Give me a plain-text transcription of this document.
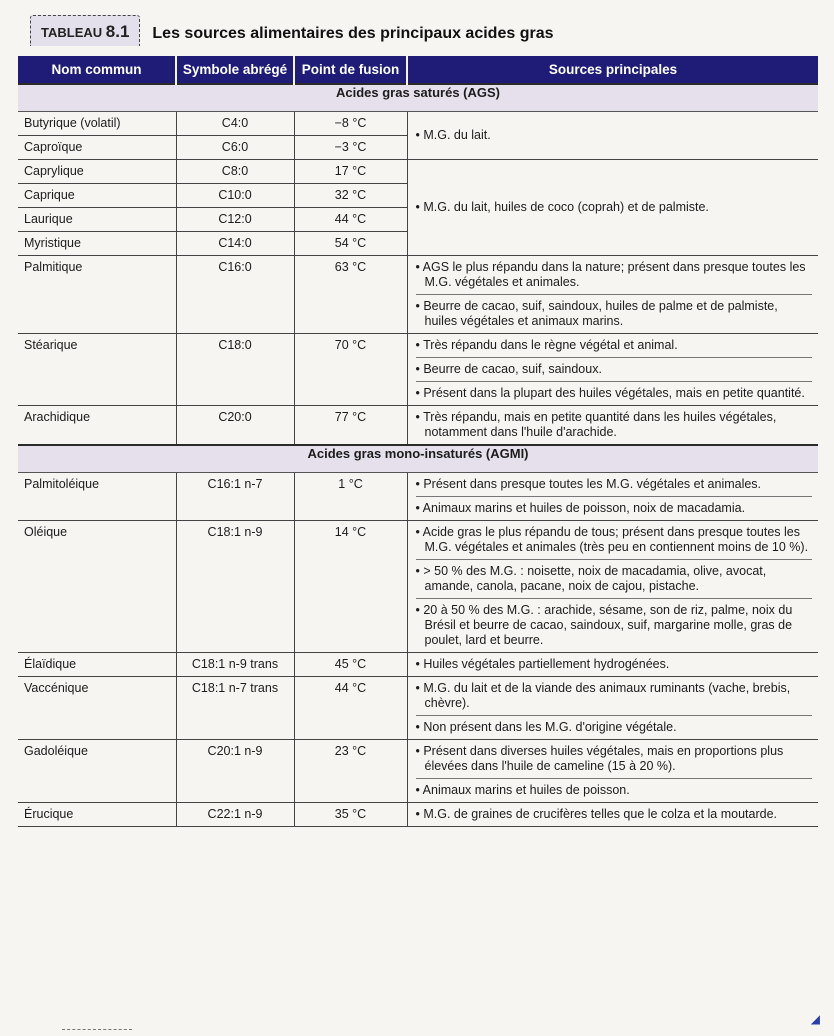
TABLEAU 8.1	Les sources alimentaires des principaux acides gras
Nom commun	Symbole abrégé	Point de fusion	Sources principales
Acides gras saturés (AGS)			
Butyrique (volatil)	C4:0	−8 °C	• M.G. du lait.

Caproïque	C6:0	−3 °C	
Caprylique	C8:0	17 °C	• M.G. du lait, huiles de coco (coprah) et de palmiste.

Caprique	C10:0	32 °C	
Laurique	C12:0	44 °C	
Myristique	C14:0	54 °C	
Palmitique	C16:0	63 °C	• AGS le plus répandu dans la nature; présent dans presque toutes les M.G. végétales et animales.
• Beurre de cacao, suif, saindoux, huiles de palme et de palmiste, huiles végétales et animaux marins.

Stéarique	C18:0	70 °C	• Très répandu dans le règne végétal et animal.
• Beurre de cacao, suif, saindoux.
• Présent dans la plupart des huiles végétales, mais en petite quantité.

Arachidique	C20:0	77 °C	• Très répandu, mais en petite quantité dans les huiles végétales, notamment dans l'huile d'arachide.

Acides gras mono-insaturés (AGMI)			
Palmitoléique	C16:1 n-7	1 °C	• Présent dans presque toutes les M.G. végétales et animales.
• Animaux marins et huiles de poisson, noix de macadamia.

Oléique	C18:1 n-9	14 °C	• Acide gras le plus répandu de tous; présent dans presque toutes les M.G. végétales et animales (très peu en contiennent moins de 10 %).
• > 50 % des M.G. : noisette, noix de macadamia, olive, avocat, amande, canola, pacane, noix de cajou, pistache.
• 20 à 50 % des M.G. : arachide, sésame, son de riz, palme, noix du Brésil et beurre de cacao, saindoux, suif, margarine molle, gras de poulet, lard et beurre.

Élaïdique	C18:1 n-9 trans	45 °C	• Huiles végétales partiellement hydrogénées.

Vaccénique	C18:1 n-7 trans	44 °C	• M.G. du lait et de la viande des animaux ruminants (vache, brebis, chèvre).
• Non présent dans les M.G. d'origine végétale.

Gadoléique	C20:1 n-9	23 °C	• Présent dans diverses huiles végétales, mais en proportions plus élevées dans l'huile de cameline (15 à 20 %).
• Animaux marins et huiles de poisson.

Érucique	C22:1 n-9	35 °C	• M.G. de graines de crucifères telles que le colza et la moutarde.
◢
